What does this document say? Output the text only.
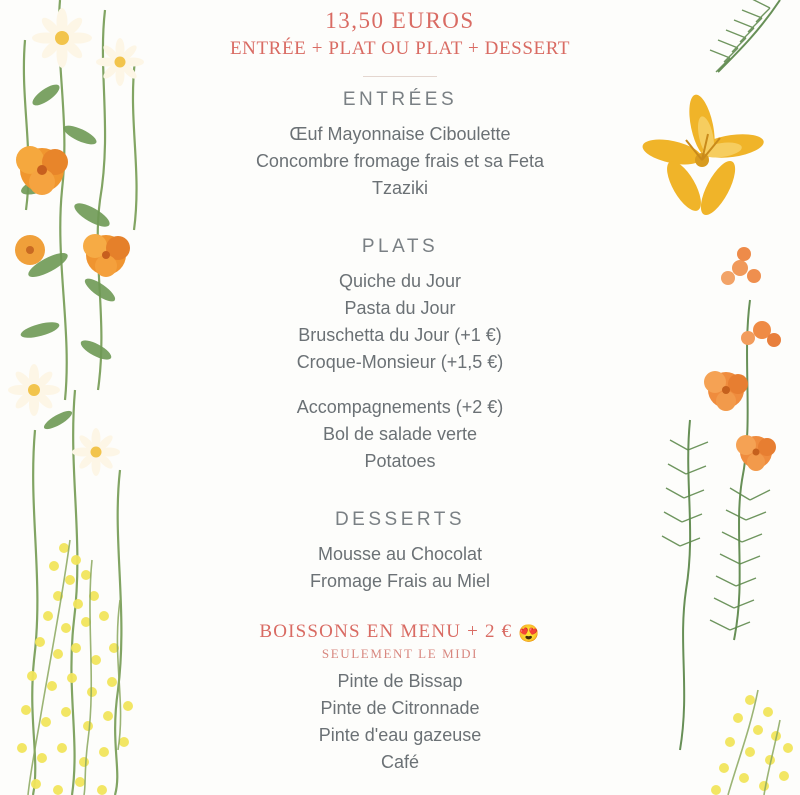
13,50 EUROS
ENTRÉE + PLAT OU PLAT + DESSERT
ENTRÉES
Œuf Mayonnaise Ciboulette
Concombre fromage frais et sa Feta
Tzaziki
PLATS
Quiche du Jour
Pasta du Jour
Bruschetta du Jour (+1 €)
Croque-Monsieur (+1,5 €)
Accompagnements (+2 €)
Bol de salade verte
Potatoes
DESSERTS
Mousse au Chocolat
Fromage Frais au Miel
BOISSONS EN MENU + 2 € 😍
SEULEMENT LE MIDI
Pinte de Bissap
Pinte de Citronnade
Pinte d'eau gazeuse
Café
